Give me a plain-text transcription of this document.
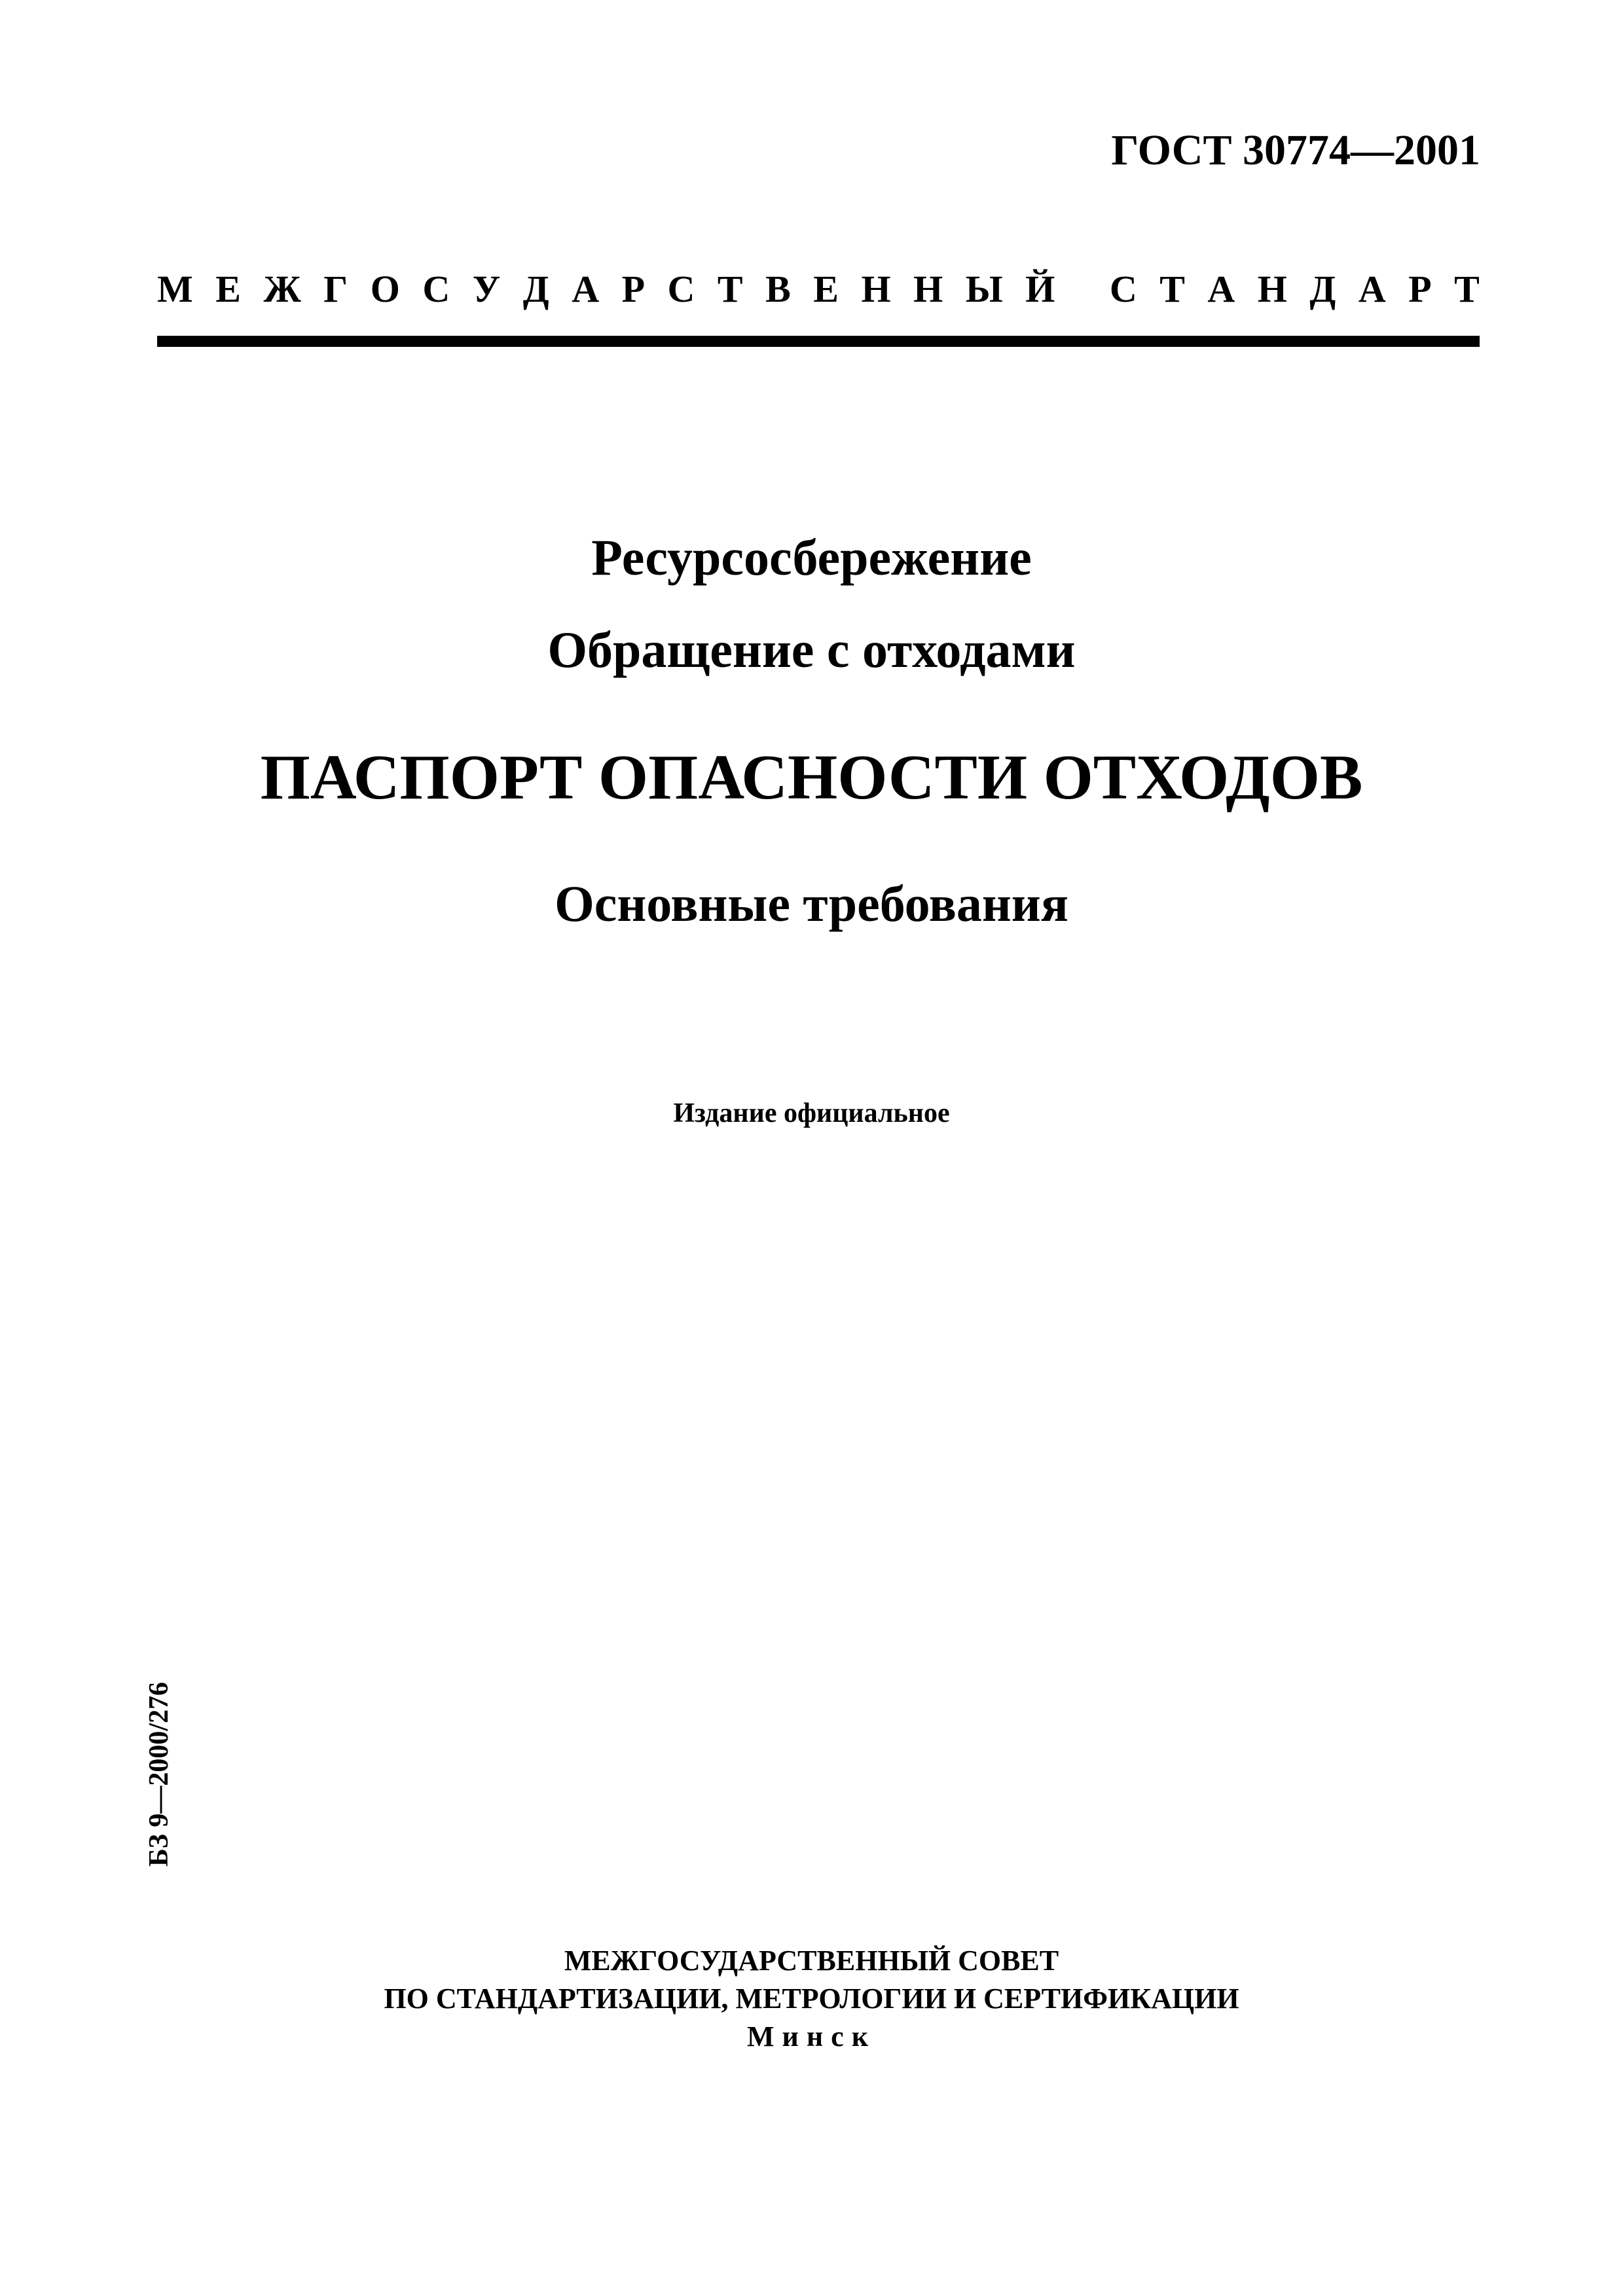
ГОСТ 30774—2001
М Е Ж Г О С У Д А Р С Т В Е Н Н Ы Й
С Т А Н Д А Р Т
Ресурсосбережение
Обращение с отходами
ПАСПОРТ ОПАСНОСТИ ОТХОДОВ
Основные требования
Издание официальное
БЗ 9—2000/276
МЕЖГОСУДАРСТВЕННЫЙ СОВЕТ
ПО СТАНДАРТИЗАЦИИ, МЕТРОЛОГИИ И СЕРТИФИКАЦИИ
Минск
